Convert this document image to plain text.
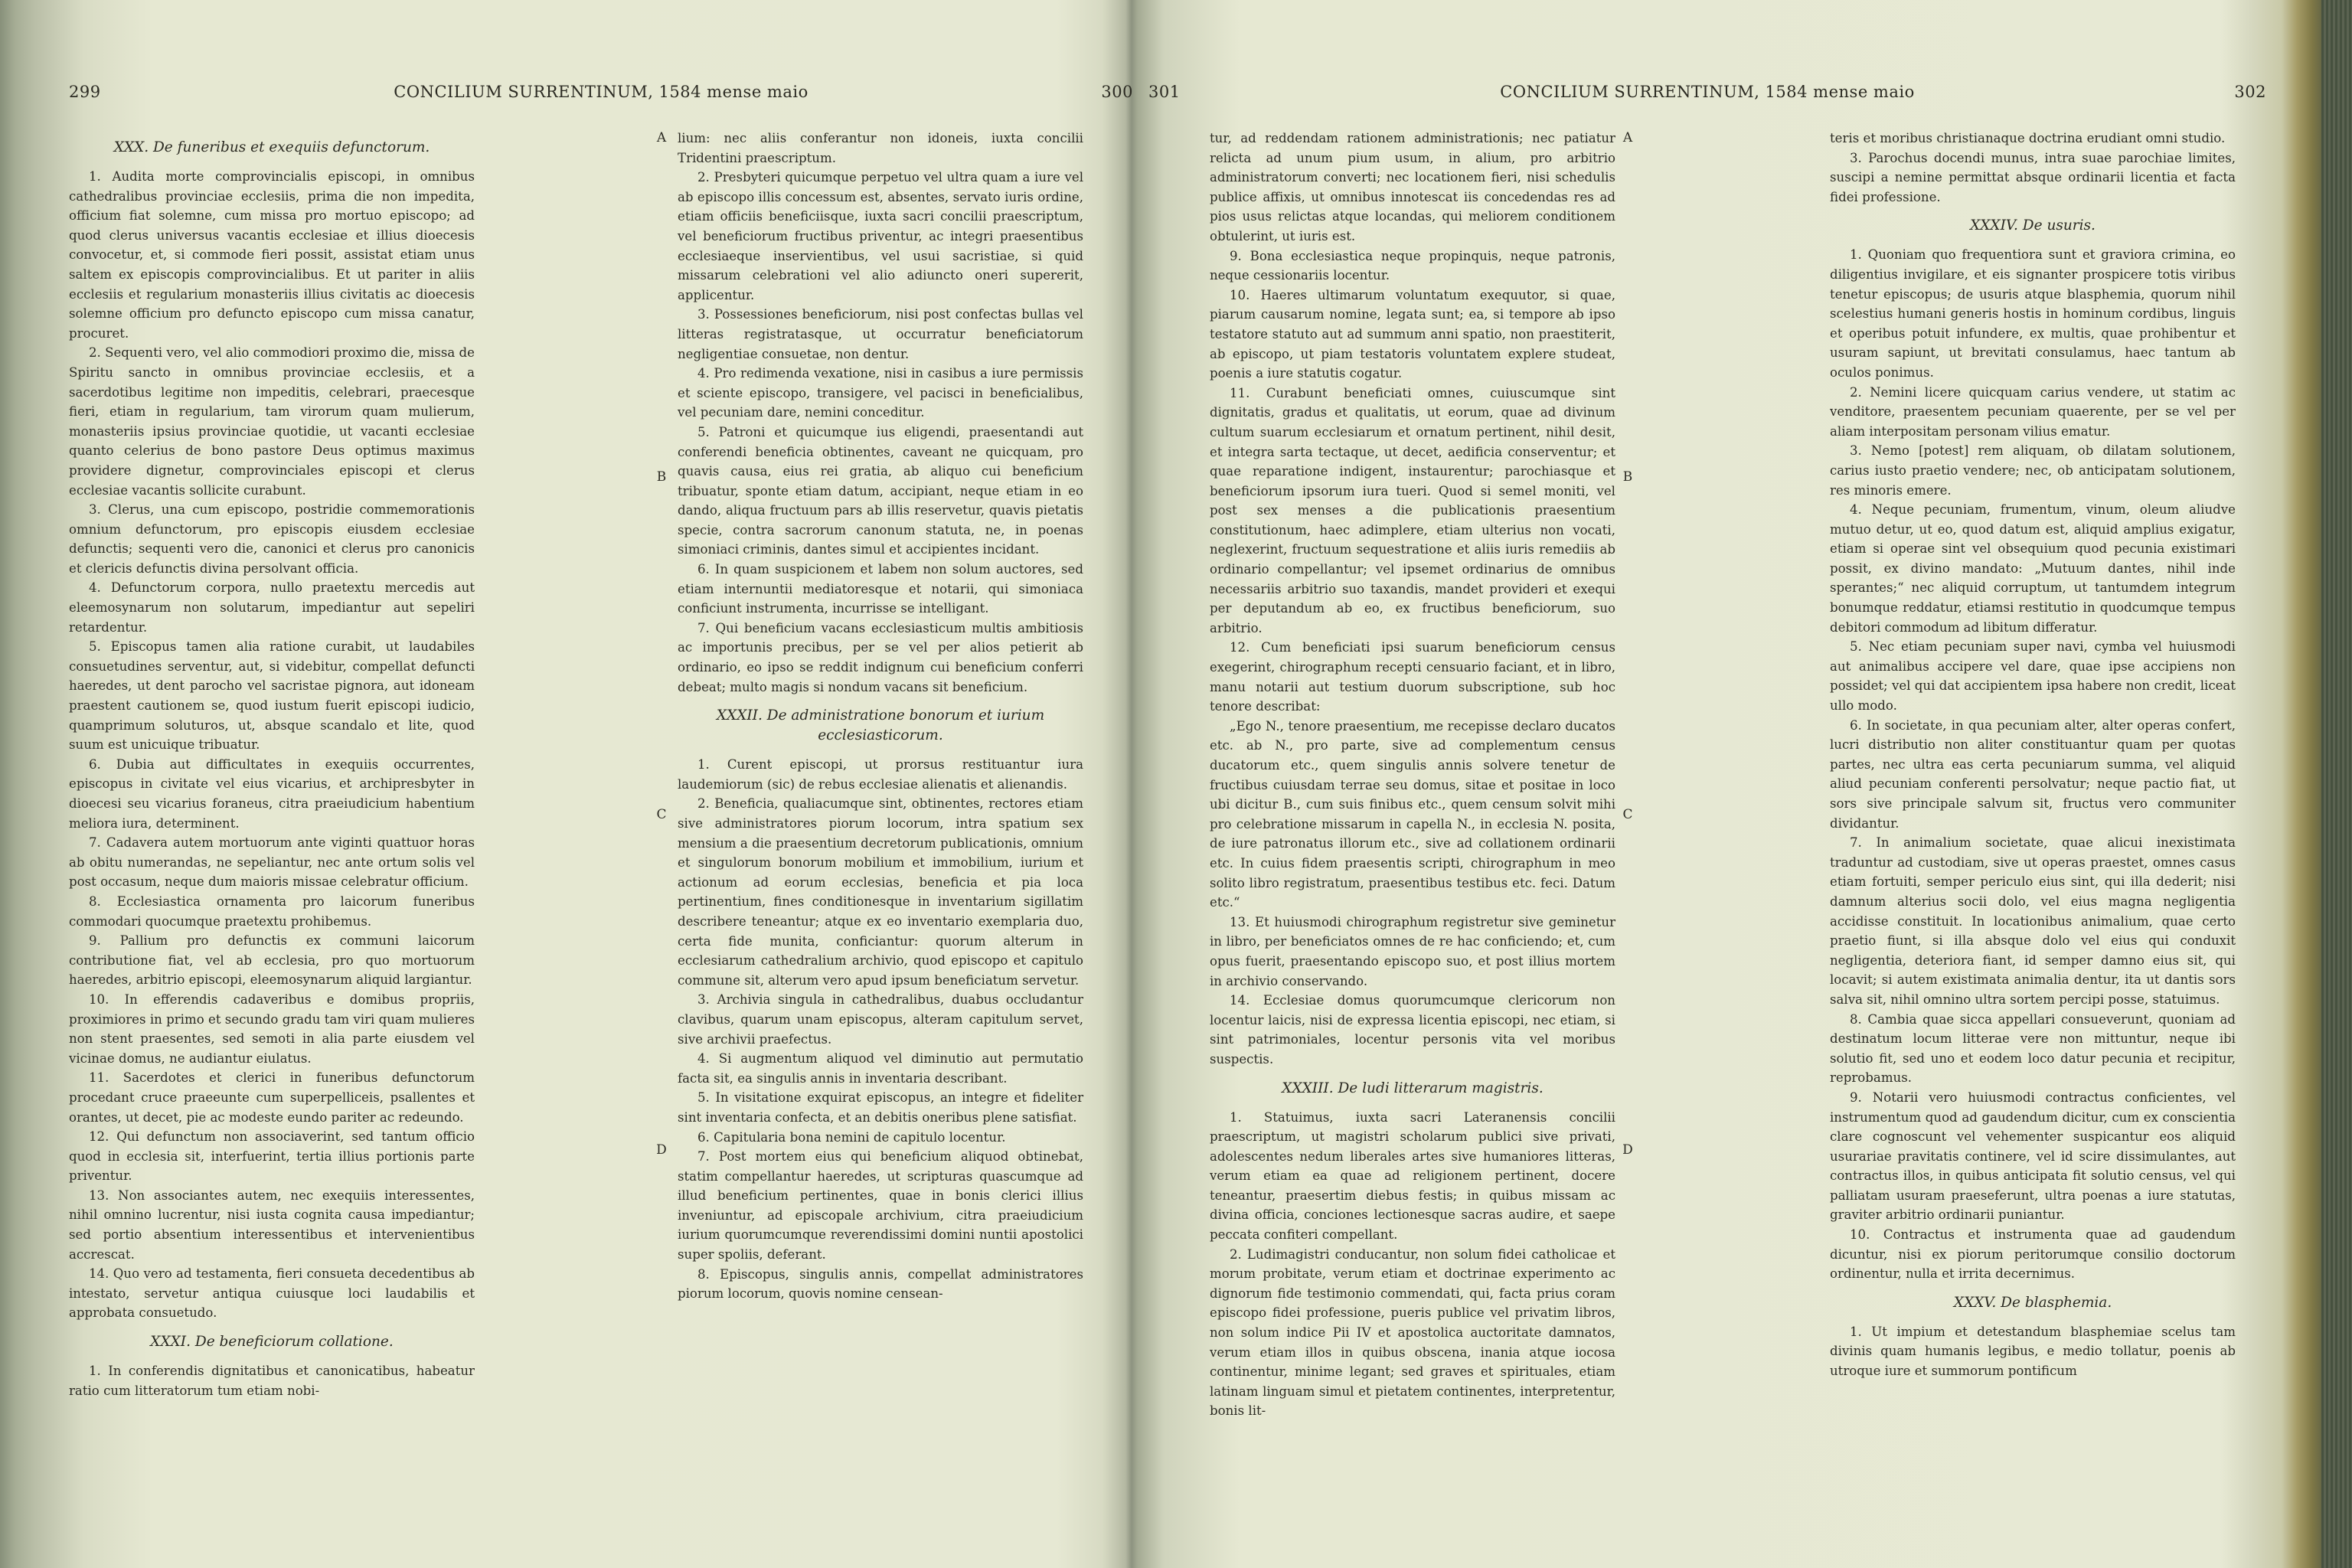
299	CONCILIUM SURRENTINUM, 1584 mense maio	300
XXX. De funeribus et exequiis defunctorum.

1. Audita morte comprovincialis episcopi, in omnibus cathedralibus provinciae ecclesiis, prima die non impedita, officium fiat solemne, cum missa pro mortuo episcopo; ad quod clerus universus vacantis ecclesiae et illius dioecesis convocetur, et, si commode fieri possit, assistat etiam unus saltem ex episcopis comprovincialibus. Et ut pariter in aliis ecclesiis et regularium monasteriis illius civitatis ac dioecesis solemne officium pro defuncto episcopo cum missa canatur, procuret.

2. Sequenti vero, vel alio commodiori proximo die, missa de Spiritu sancto in omnibus provinciae ecclesiis, et a sacerdotibus legitime non impeditis, celebrari, praecesque fieri, etiam in regularium, tam virorum quam mulierum, monasteriis ipsius provinciae quotidie, ut vacanti ecclesiae quanto celerius de bono pastore Deus optimus maximus providere dignetur, comprovinciales episcopi et clerus ecclesiae vacantis sollicite curabunt.

3. Clerus, una cum episcopo, postridie commemorationis omnium defunctorum, pro episcopis eiusdem ecclesiae defunctis; sequenti vero die, canonici et clerus pro canonicis et clericis defunctis divina persolvant officia.

4. Defunctorum corpora, nullo praetextu mercedis aut eleemosynarum non solutarum, impediantur aut sepeliri retardentur.

5. Episcopus tamen alia ratione curabit, ut laudabiles consuetudines serventur, aut, si videbitur, compellat defuncti haeredes, ut dent parocho vel sacristae pignora, aut idoneam praestent cautionem se, quod iustum fuerit episcopi iudicio, quamprimum soluturos, ut, absque scandalo et lite, quod suum est unicuique tribuatur.

6. Dubia aut difficultates in exequiis occurrentes, episcopus in civitate vel eius vicarius, et archipresbyter in dioecesi seu vicarius foraneus, citra praeiudicium habentium meliora iura, determinent.

7. Cadavera autem mortuorum ante viginti quattuor horas ab obitu numerandas, ne sepeliantur, nec ante ortum solis vel post occasum, neque dum maioris missae celebratur officium.

8. Ecclesiastica ornamenta pro laicorum funeribus commodari quocumque praetextu prohibemus.

9. Pallium pro defunctis ex communi laicorum contributione fiat, vel ab ecclesia, pro quo mortuorum haeredes, arbitrio episcopi, eleemosynarum aliquid largiantur.

10. In efferendis cadaveribus e domibus propriis, proximiores in primo et secundo gradu tam viri quam mulieres non stent praesentes, sed semoti in alia parte eiusdem vel vicinae domus, ne audiantur eiulatus.

11. Sacerdotes et clerici in funeribus defunctorum procedant cruce praeeunte cum superpelliceis, psallentes et orantes, ut decet, pie ac modeste eundo pariter ac redeundo.

12. Qui defunctum non associaverint, sed tantum officio quod in ecclesia sit, interfuerint, tertia illius portionis parte priventur.

13. Non associantes autem, nec exequiis interessentes, nihil omnino lucrentur, nisi iusta cognita causa impediantur; sed portio absentium interessentibus et intervenientibus accrescat.

14. Quo vero ad testamenta, fieri consueta decedentibus ab intestato, servetur antiqua cuiusque loci laudabilis et approbata consuetudo.

XXXI. De beneficiorum collatione.

1. In conferendis dignitatibus et canonicatibus, habeatur ratio cum litteratorum tum etiam nobi-

lium: nec aliis conferantur non idoneis, iuxta concilii Tridentini praescriptum.

2. Presbyteri quicumque perpetuo vel ultra quam a iure vel ab episcopo illis concessum est, absentes, servato iuris ordine, etiam officiis beneficiisque, iuxta sacri concilii praescriptum, vel beneficiorum fructibus priventur, ac integri praesentibus ecclesiaeque inservientibus, vel usui sacristiae, si quid missarum celebrationi vel alio adiuncto oneri supererit, applicentur.

3. Possessiones beneficiorum, nisi post confectas bullas vel litteras registratasque, ut occurratur beneficiatorum negligentiae consuetae, non dentur.

4. Pro redimenda vexatione, nisi in casibus a iure permissis et sciente episcopo, transigere, vel pacisci in beneficialibus, vel pecuniam dare, nemini conceditur.

5. Patroni et quicumque ius eligendi, praesentandi aut conferendi beneficia obtinentes, caveant ne quicquam, pro quavis causa, eius rei gratia, ab aliquo cui beneficium tribuatur, sponte etiam datum, accipiant, neque etiam in eo dando, aliqua fructuum pars ab illis reservetur, quavis pietatis specie, contra sacrorum canonum statuta, ne, in poenas simoniaci criminis, dantes simul et accipientes incidant.

6. In quam suspicionem et labem non solum auctores, sed etiam internuntii mediatoresque et notarii, qui simoniaca conficiunt instrumenta, incurrisse se intelligant.

7. Qui beneficium vacans ecclesiasticum multis ambitiosis ac importunis precibus, per se vel per alios petierit ab ordinario, eo ipso se reddit indignum cui beneficium conferri debeat; multo magis si nondum vacans sit beneficium.

XXXII. De administratione bonorum et iurium ecclesiasticorum.

1. Curent episcopi, ut prorsus restituantur iura laudemiorum (sic) de rebus ecclesiae alienatis et alienandis.

2. Beneficia, qualiacumque sint, obtinentes, rectores etiam sive administratores piorum locorum, intra spatium sex mensium a die praesentium decretorum publicationis, omnium et singulorum bonorum mobilium et immobilium, iurium et actionum ad eorum ecclesias, beneficia et pia loca pertinentium, fines conditionesque in inventarium sigillatim describere teneantur; atque ex eo inventario exemplaria duo, certa fide munita, conficiantur: quorum alterum in ecclesiarum cathedralium archivio, quod episcopo et capitulo commune sit, alterum vero apud ipsum beneficiatum servetur.

3. Archivia singula in cathedralibus, duabus occludantur clavibus, quarum unam episcopus, alteram capitulum servet, sive archivii praefectus.

4. Si augmentum aliquod vel diminutio aut permutatio facta sit, ea singulis annis in inventaria describant.

5. In visitatione exquirat episcopus, an integre et fideliter sint inventaria confecta, et an debitis oneribus plene satisfiat.

6. Capitularia bona nemini de capitulo locentur.

7. Post mortem eius qui beneficium aliquod obtinebat, statim compellantur haeredes, ut scripturas quascumque ad illud beneficium pertinentes, quae in bonis clerici illius inveniuntur, ad episcopale archivium, citra praeiudicium iurium quorumcumque reverendissimi domini nuntii apostolici super spoliis, deferant.

8. Episcopus, singulis annis, compellat administratores piorum locorum, quovis nomine censean-

A
B
C
D
301	CONCILIUM SURRENTINUM, 1584 mense maio	302

tur, ad reddendam rationem administrationis; nec patiatur relicta ad unum pium usum, in alium, pro arbitrio administratorum converti; nec locationem fieri, nisi schedulis publice affixis, ut omnibus innotescat iis concedendas res ad pios usus relictas atque locandas, qui meliorem conditionem obtulerint, ut iuris est.

9. Bona ecclesiastica neque propinquis, neque patronis, neque cessionariis locentur.

10. Haeres ultimarum voluntatum exequutor, si quae, piarum causarum nomine, legata sunt; ea, si tempore ab ipso testatore statuto aut ad summum anni spatio, non praestiterit, ab episcopo, ut piam testatoris voluntatem explere studeat, poenis a iure statutis cogatur.

11. Curabunt beneficiati omnes, cuiuscumque sint dignitatis, gradus et qualitatis, ut eorum, quae ad divinum cultum suarum ecclesiarum et ornatum pertinent, nihil desit, et integra sarta tectaque, ut decet, aedificia conserventur; et quae reparatione indigent, instaurentur; parochiasque et beneficiorum ipsorum iura tueri. Quod si semel moniti, vel post sex menses a die publicationis praesentium constitutionum, haec adimplere, etiam ulterius non vocati, neglexerint, fructuum sequestratione et aliis iuris remediis ab ordinario compellantur; vel ipsemet ordinarius de omnibus necessariis arbitrio suo taxandis, mandet provideri et exequi per deputandum ab eo, ex fructibus beneficiorum, suo arbitrio.

12. Cum beneficiati ipsi suarum beneficiorum census exegerint, chirographum recepti censuario faciant, et in libro, manu notarii aut testium duorum subscriptione, sub hoc tenore describat:

„Ego N., tenore praesentium, me recepisse declaro ducatos etc. ab N., pro parte, sive ad complementum census ducatorum etc., quem singulis annis solvere tenetur de fructibus cuiusdam terrae seu domus, sitae et positae in loco ubi dicitur B., cum suis finibus etc., quem censum solvit mihi pro celebratione missarum in capella N., in ecclesia N. posita, de iure patronatus illorum etc., sive ad collationem ordinarii etc. In cuius fidem praesentis scripti, chirographum in meo solito libro registratum, praesentibus testibus etc. feci. Datum etc.“

13. Et huiusmodi chirographum registretur sive geminetur in libro, per beneficiatos omnes de re hac conficiendo; et, cum opus fuerit, praesentando episcopo suo, et post illius mortem in archivio conservando.

14. Ecclesiae domus quorumcumque clericorum non locentur laicis, nisi de expressa licentia episcopi, nec etiam, si sint patrimoniales, locentur personis vita vel moribus suspectis.

XXXIII. De ludi litterarum magistris.

1. Statuimus, iuxta sacri Lateranensis concilii praescriptum, ut magistri scholarum publici sive privati, adolescentes nedum liberales artes sive humaniores litteras, verum etiam ea quae ad religionem pertinent, docere teneantur, praesertim diebus festis; in quibus missam ac divina officia, conciones lectionesque sacras audire, et saepe peccata confiteri compellant.

2. Ludimagistri conducantur, non solum fidei catholicae et morum probitate, verum etiam et doctrinae experimento ac dignorum fide testimonio commendati, qui, facta prius coram episcopo fidei professione, pueris publice vel privatim libros, non solum indice Pii IV et apostolica auctoritate damnatos, verum etiam illos in quibus obscena, inania atque iocosa continentur, minime legant; sed graves et spirituales, etiam latinam linguam simul et pietatem continentes, interpretentur, bonis lit-

teris et moribus christianaque doctrina erudiant omni studio.

3. Parochus docendi munus, intra suae parochiae limites, suscipi a nemine permittat absque ordinarii licentia et facta fidei professione.

XXXIV. De usuris.

1. Quoniam quo frequentiora sunt et graviora crimina, eo diligentius invigilare, et eis signanter prospicere totis viribus tenetur episcopus; de usuris atque blasphemia, quorum nihil scelestius humani generis hostis in hominum cordibus, linguis et operibus potuit infundere, ex multis, quae prohibentur et usuram sapiunt, ut brevitati consulamus, haec tantum ab oculos ponimus.

2. Nemini licere quicquam carius vendere, ut statim ac venditore, praesentem pecuniam quaerente, per se vel per aliam interpositam personam vilius ematur.

3. Nemo [potest] rem aliquam, ob dilatam solutionem, carius iusto praetio vendere; nec, ob anticipatam solutionem, res minoris emere.

4. Neque pecuniam, frumentum, vinum, oleum aliudve mutuo detur, ut eo, quod datum est, aliquid amplius exigatur, etiam si operae sint vel obsequium quod pecunia existimari possit, ex divino mandato: „Mutuum dantes, nihil inde sperantes;“ nec aliquid corruptum, ut tantumdem integrum bonumque reddatur, etiamsi restitutio in quodcumque tempus debitori commodum ad libitum differatur.

5. Nec etiam pecuniam super navi, cymba vel huiusmodi aut animalibus accipere vel dare, quae ipse accipiens non possidet; vel qui dat accipientem ipsa habere non credit, liceat ullo modo.

6. In societate, in qua pecuniam alter, alter operas confert, lucri distributio non aliter constituantur quam per quotas partes, nec ultra eas certa pecuniarum summa, vel aliquid aliud pecuniam conferenti persolvatur; neque pactio fiat, ut sors sive principale salvum sit, fructus vero communiter dividantur.

7. In animalium societate, quae alicui inexistimata traduntur ad custodiam, sive ut operas praestet, omnes casus etiam fortuiti, semper periculo eius sint, qui illa dederit; nisi damnum alterius socii dolo, vel eius magna negligentia accidisse constituit. In locationibus animalium, quae certo praetio fiunt, si illa absque dolo vel eius qui conduxit negligentia, deteriora fiant, id semper damno eius sit, qui locavit; si autem existimata animalia dentur, ita ut dantis sors salva sit, nihil omnino ultra sortem percipi posse, statuimus.

8. Cambia quae sicca appellari consueverunt, quoniam ad destinatum locum litterae vere non mittuntur, neque ibi solutio fit, sed uno et eodem loco datur pecunia et recipitur, reprobamus.

9. Notarii vero huiusmodi contractus conficientes, vel instrumentum quod ad gaudendum dicitur, cum ex conscientia clare cognoscunt vel vehementer suspicantur eos aliquid usurariae pravitatis continere, vel id scire dissimulantes, aut contractus illos, in quibus anticipata fit solutio census, vel qui palliatam usuram praeseferunt, ultra poenas a iure statutas, graviter arbitrio ordinarii puniantur.

10. Contractus et instrumenta quae ad gaudendum dicuntur, nisi ex piorum peritorumque consilio doctorum ordinentur, nulla et irrita decernimus.

XXXV. De blasphemia.

1. Ut impium et detestandum blasphemiae scelus tam divinis quam humanis legibus, e medio tollatur, poenis ab utroque iure et summorum pontificum

A
B
C
D
